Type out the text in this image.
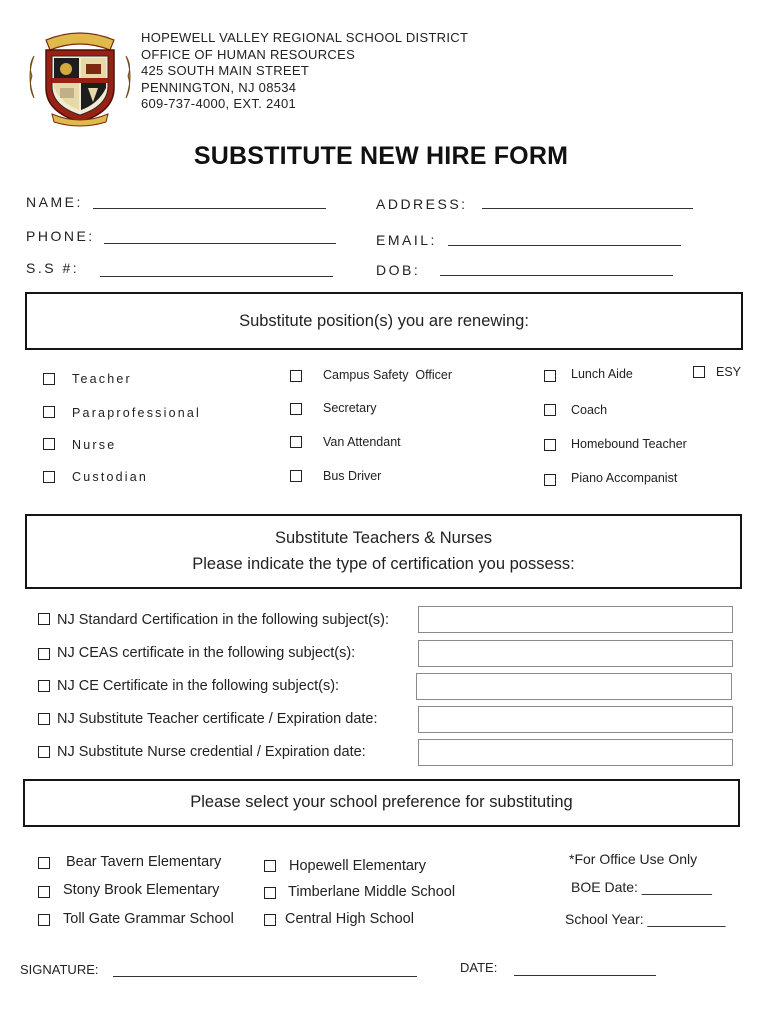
HOPEWELL VALLEY REGIONAL SCHOOL DISTRICT
OFFICE OF HUMAN RESOURCES
425 SOUTH MAIN STREET
PENNINGTON, NJ 08534
609-737-4000, EXT. 2401
SUBSTITUTE NEW HIRE FORM
NAME:	ADDRESS:
PHONE:	EMAIL:
S.S #:	DOB:
Substitute position(s) you are renewing:
Teacher
Paraprofessional
Nurse
Custodian
Campus Safety  Officer
Secretary
Van Attendant
Bus Driver
Lunch Aide
Coach
Homebound Teacher
Piano Accompanist
ESY
Substitute Teachers & Nurses
Please indicate the type of certification you possess:
NJ Standard Certification in the following subject(s):
NJ CEAS certificate in the following subject(s):
NJ CE Certificate in the following subject(s):
NJ Substitute Teacher certificate / Expiration date:
NJ Substitute Nurse credential / Expiration date:
Please select your school preference for substituting
Bear Tavern Elementary
Stony Brook Elementary
Toll Gate Grammar School
Hopewell Elementary
Timberlane Middle School
Central High School
*For Office Use Only
BOE Date: _________
School Year: __________
SIGNATURE:	DATE:
